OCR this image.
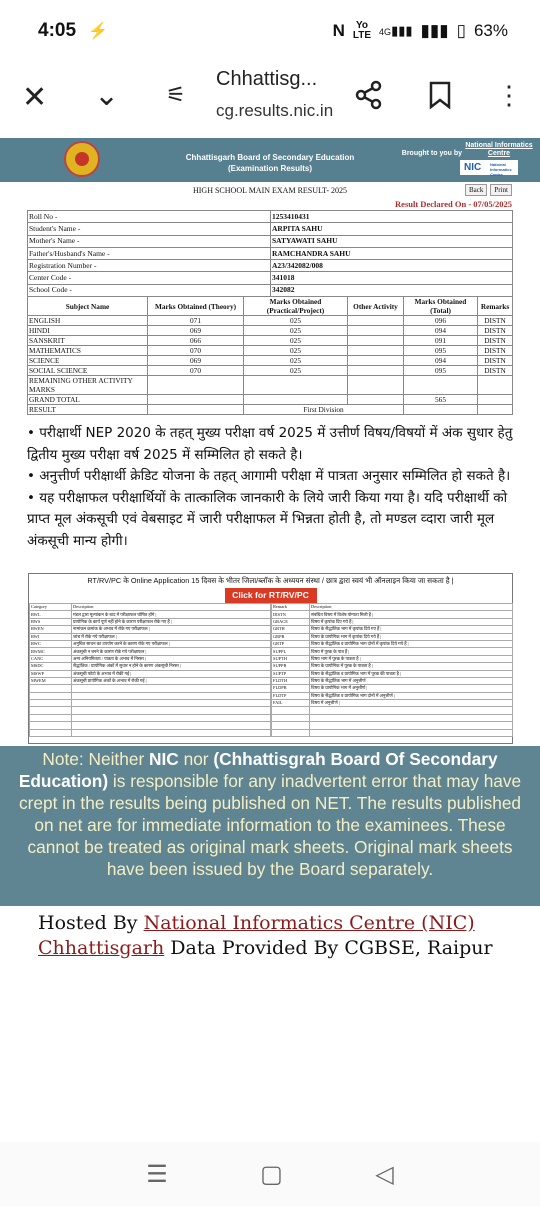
4:05 ⚡	N	Yo
LTE 4G▮▮▮ ▮▮▮ ▯ 63%
✕ ⌄ ⚟
Chhattisg...
cg.results.nic.in
⋮
Chhattisgarh Board of Secondary Education
(Examination Results)
Brought to you by National Informatics Centre
NIC National Informatics Centre
HIGH SCHOOL MAIN EXAM RESULT- 2025	Back	Print
Result Declared On - 07/05/2025
Roll No -	1253410431
Student's Name -	ARPITA SAHU
Mother's Name -	SATYAWATI SAHU
Father's/Husband's Name -	RAMCHANDRA SAHU
Registration Number -	A23/342082/008
Center Code -	341018
School Code -	342082
Subject Name	Marks Obtained (Theory)	Marks Obtained (Practical/Project)	Other Activity	Marks Obtained (Total)	Remarks
ENGLISH	071	025		096	DISTN
HINDI	069	025		094	DISTN
SANSKRIT	066	025		091	DISTN
MATHEMATICS	070	025		095	DISTN
SCIENCE	069	025		094	DISTN
SOCIAL SCIENCE	070	025		095	DISTN
REMAINING OTHER ACTIVITY MARKS					
GRAND TOTAL				565	
RESULT		First Division			

• परीक्षार्थी NEP 2020 के तहत् मुख्य परीक्षा वर्ष 2025 में उत्तीर्ण विषय/विषयों में अंक सुधार हेतु द्वितीय मुख्य परीक्षा वर्ष 2025 में सम्मिलित हो सकते है।

• अनुत्तीर्ण परीक्षार्थी क्रेडिट योजना के तहत् आगामी परीक्षा में पात्रता अनुसार सम्मिलित हो सकते है।

• यह परीक्षाफल परीक्षार्थियों के तात्कालिक जानकारी के लिये जारी किया गया है। यदि परीक्षार्थी को प्राप्त मूल अंकसूची एवं वेबसाइट में जारी परीक्षाफल में भिन्नता होती है, तो मण्डल व्दारा जारी मूल अंकसूची मान्य होगी।

RT/RV/PC के Online Application 15 दिवस के भीतर जिला/ब्लॉक के अध्ययन संस्था / छात्र द्वारा स्वयं भी ऑनलाइन किया जा सकता है |
Click for RT/RV/PC
Category	Description
RWL	मंडल द्वारा मूल्यांकन के बाद में परीक्षाफल घोषित होंगे |
RWS	प्रायोगिक के कार्य पूर्ण नहीं होने के कारण परीक्षाफल रोके गए हैं |
RWEN	नामांकन क्रमांक के अभाव में रोके गए परीक्षाफल |
RWI	जांच में रोके गये परीक्षाफल |
RWC	अनुचित साधन का उपयोग करने के कारण रोके गए परीक्षाफल |
RWMC	अंकसूची न बनने के कारण रोके गये परीक्षाफल |
CANC	अन्य अनियमितता / पात्रता के अभाव में निरस्त |
MSDC	सैद्धांतिक / प्रायोगिक अंकों में सुधार न होने के कारण अंकसूची निरस्त |
MSWP	अंकसूची फोटो के अभाव में रोकी गई |
MWEM	अंकसूची प्रायोगिक अंकों के अभाव में रोकी गई |

Remark	Description
DISTN	संबंधित विषय में विशेष योग्यता मिली है |
GRACE	विषय में कृपांक दिए गये हैं |
GRTH	विषय के सैद्धांतिक भाग में कृपांक दिये गए हैं |
GRPR	विषय के प्रायोगिक भाग में कृपांक दिये गये हैं |
GRTP	विषय के सैद्धांतिक व प्रायोगिक भाग दोनों में कृपांक दिये गये हैं |
SUPPL	विषय में पूरक के पात्र हैं |
SUPTH	विषय भाग में पूरक के पात्रता है |
SUPPR	विषय के प्रायोगिक में पूरक के पात्रता है |
SUPTP	विषय के सैद्धांतिक व प्रायोगिक भाग में पूरक की पात्रता है |
FLDTH	विषय के सैद्धांतिक भाग में अनुत्तीर्ण
FLDPR	विषय के प्रायोगिक भाग में अनुत्तीर्ण |
FLDTP	विषय के सैद्धांतिक व प्रायोगिक भाग दोनों में अनुत्तीर्ण |
FAIL	विषय में अनुत्तीर्ण |

Note: Neither NIC nor (Chhattisgrah Board Of Secondary Education) is responsible for any inadvertent error that may have crept in the results being published on NET. The results published on net are for immediate information to the examinees. These cannot be treated as original mark sheets. Original mark sheets have been issued by the Board separately.
Hosted By National Informatics Centre (NIC)
Chhattisgarh Data Provided By CGBSE, Raipur
☰	▢	◁
